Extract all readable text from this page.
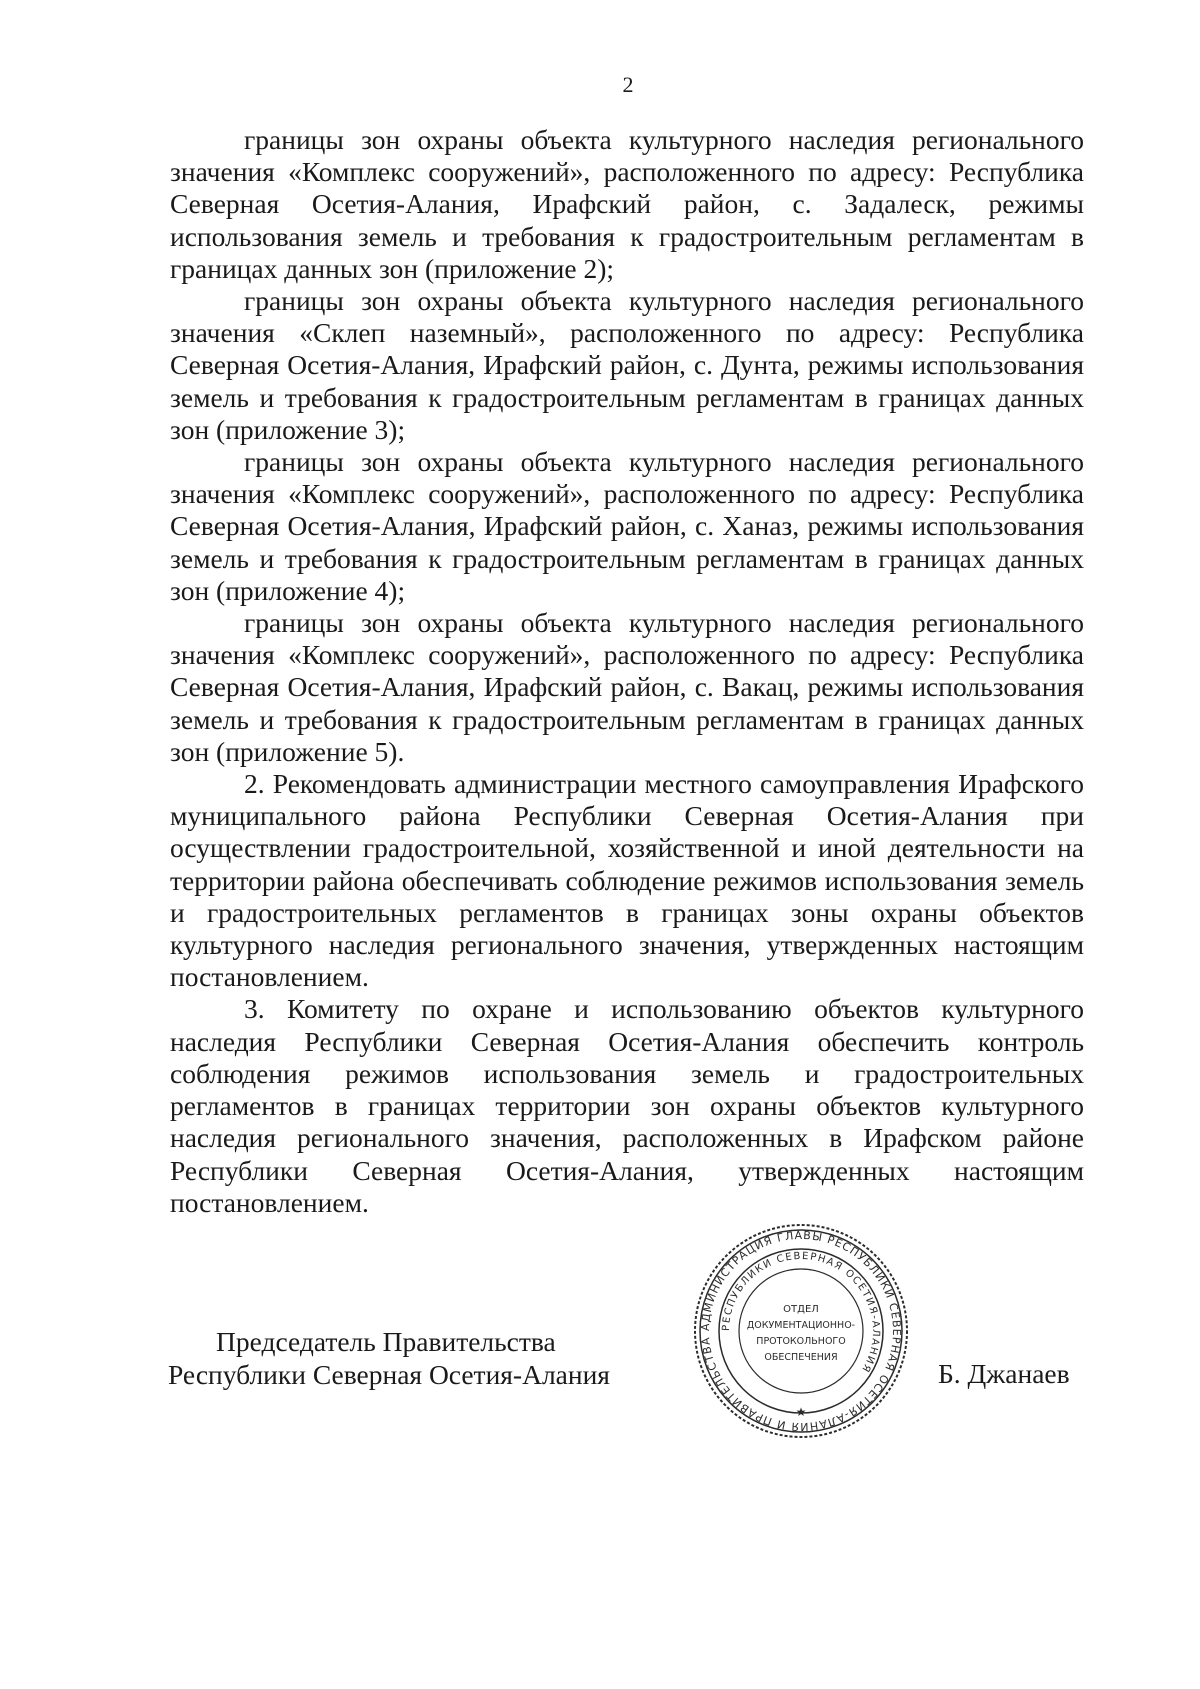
2

границы зон охраны объекта культурного наследия регионального значения «Комплекс сооружений», расположенного по адресу: Республика Северная Осетия-Алания, Ирафский район, с. Задалеск, режимы использования земель и требования к градостроительным регламентам в границах данных зон (приложение 2);

границы зон охраны объекта культурного наследия регионального значения «Склеп наземный», расположенного по адресу: Республика Северная Осетия-Алания, Ирафский район, с. Дунта, режимы использования земель и требования к градостроительным регламентам в границах данных зон (приложение 3);

границы зон охраны объекта культурного наследия регионального значения «Комплекс сооружений», расположенного по адресу: Республика Северная Осетия-Алания, Ирафский район, с. Ханаз, режимы использования земель и требования к градостроительным регламентам в границах данных зон (приложение 4);

границы зон охраны объекта культурного наследия регионального значения «Комплекс сооружений», расположенного по адресу: Республика Северная Осетия-Алания, Ирафский район, с. Вакац, режимы использования земель и требования к градостроительным регламентам в границах данных зон (приложение 5).

2. Рекомендовать администрации местного самоуправления Ирафского муниципального района Республики Северная Осетия-Алания при осуществлении градостроительной, хозяйственной и иной деятельности на территории района обеспечивать соблюдение режимов использования земель и градостроительных регламентов в границах зоны охраны объектов культурного наследия регионального значения, утвержденных настоящим постановлением.

3. Комитету по охране и использованию объектов культурного наследия Республики Северная Осетия-Алания обеспечить контроль соблюдения режимов использования земель и градостроительных регламентов в границах территории зон охраны объектов культурного наследия регионального значения, расположенных в Ирафском районе Республики Северная Осетия-Алания, утвержденных настоящим постановлением.

Председатель Правительства
Республики Северная Осетия-Алания
АДМИНИСТРАЦИЯ ГЛАВЫ РЕСПУБЛИКИ СЕВЕРНАЯ ОСЕТИЯ-АЛАНИЯ И ПРАВИТЕЛЬСТВА
РЕСПУБЛИКИ СЕВЕРНАЯ ОСЕТИЯ-АЛАНИЯ
ОТДЕЛ
ДОКУМЕНТАЦИОННО-
ПРОТОКОЛЬНОГО
ОБЕСПЕЧЕНИЯ
★
Б. Джанаев
